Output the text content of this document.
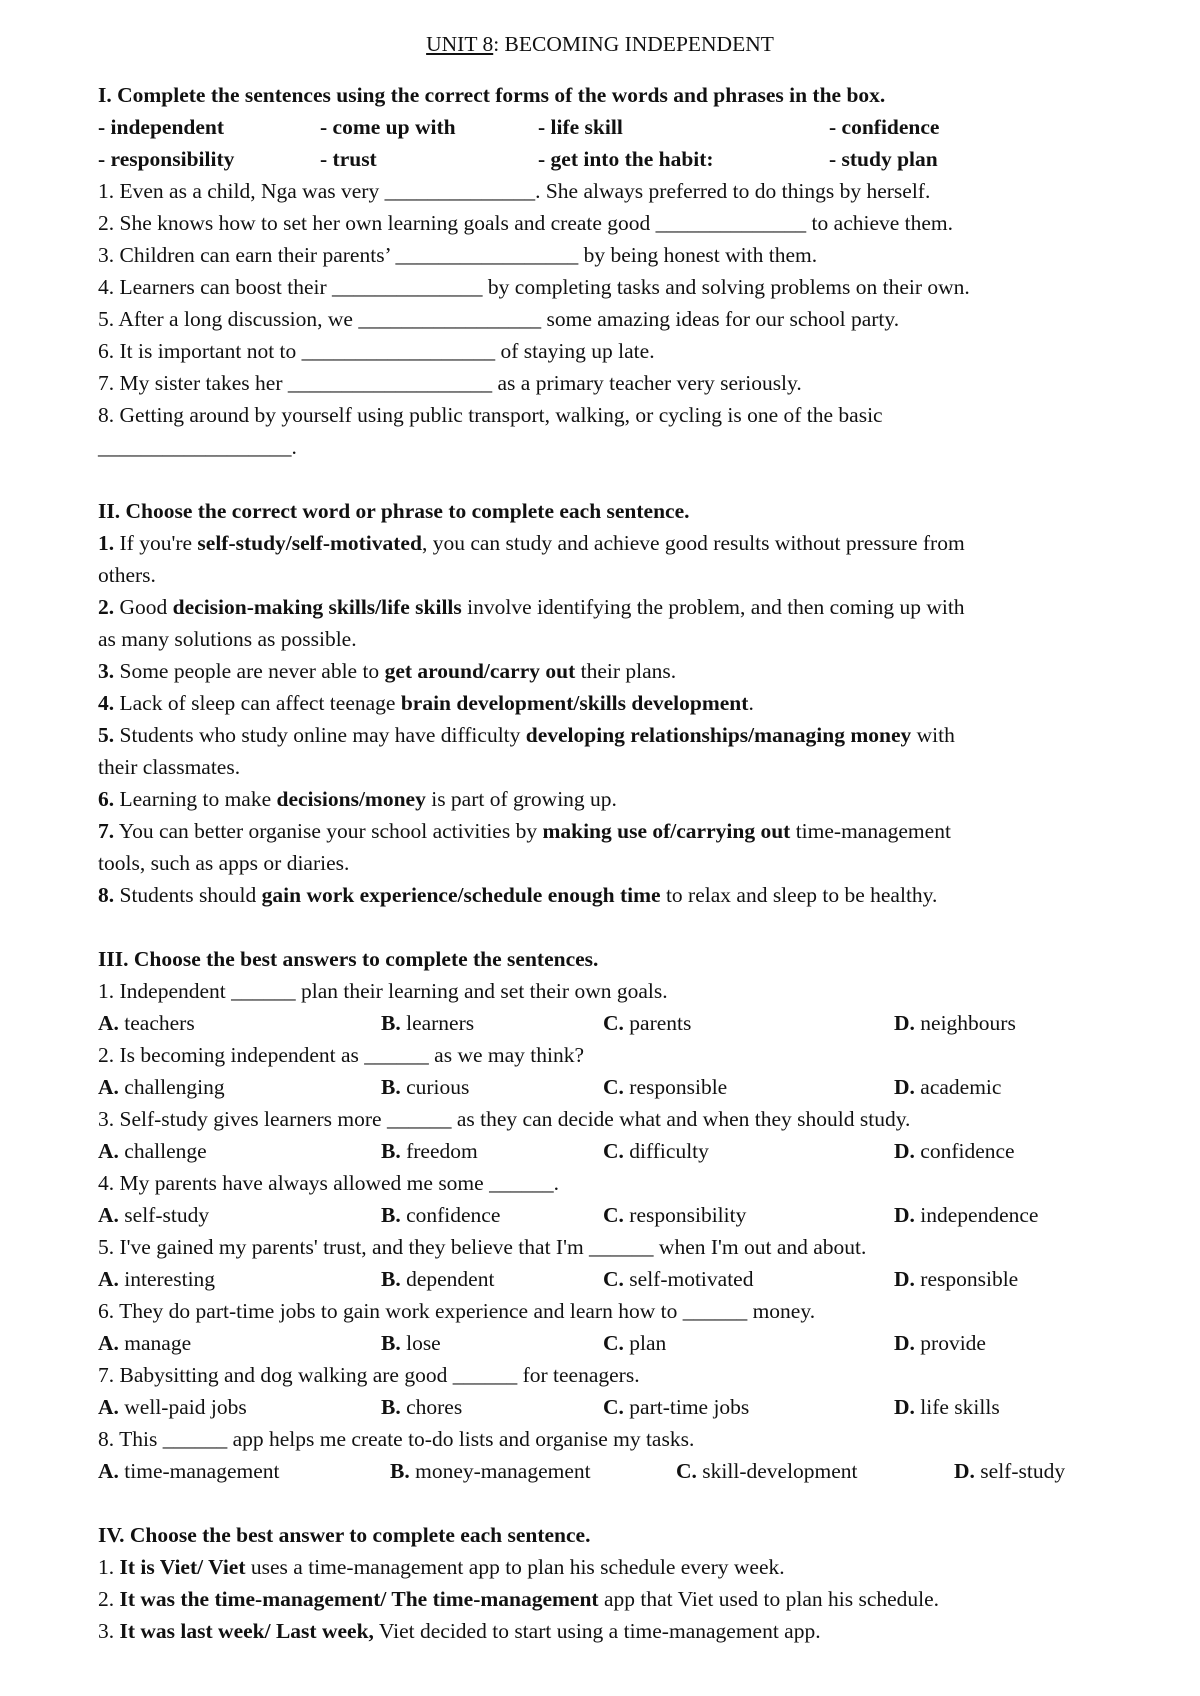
UNIT 8: BECOMING INDEPENDENT
I. Complete the sentences using the correct forms of the words and phrases in the box.
- independent	- come up with	- life skill	- confidence
- responsibility	- trust	- get into the habit:	- study plan
1. Even as a child, Nga was very ______________. She always preferred to do things by herself.
2. She knows how to set her own learning goals and create good ______________ to achieve them.
3. Children can earn their parents’ _________________ by being honest with them.
4. Learners can boost their ______________ by completing tasks and solving problems on their own.
5. After a long discussion, we _________________ some amazing ideas for our school party.
6. It is important not to __________________ of staying up late.
7. My sister takes her ___________________ as a primary teacher very seriously.
8. Getting around by yourself using public transport, walking, or cycling is one of the basic
__________________.
II. Choose the correct word or phrase to complete each sentence.
1. If you're self-study/self-motivated, you can study and achieve good results without pressure from
others.
2. Good decision-making skills/life skills involve identifying the problem, and then coming up with
as many solutions as possible.
3. Some people are never able to get around/carry out their plans.
4. Lack of sleep can affect teenage brain development/skills development.
5. Students who study online may have difficulty developing relationships/managing money with
their classmates.
6. Learning to make decisions/money is part of growing up.
7. You can better organise your school activities by making use of/carrying out time-management
tools, such as apps or diaries.
8. Students should gain work experience/schedule enough time to relax and sleep to be healthy.
III. Choose the best answers to complete the sentences.
1. Independent ______ plan their learning and set their own goals.
A. teachers	B. learners	C. parents	D. neighbours
2. Is becoming independent as ______ as we may think?
A. challenging	B. curious	C. responsible	D. academic
3. Self-study gives learners more ______ as they can decide what and when they should study.
A. challenge	B. freedom	C. difficulty	D. confidence
4. My parents have always allowed me some ______.
A. self-study	B. confidence	C. responsibility	D. independence
5. I've gained my parents' trust, and they believe that I'm ______ when I'm out and about.
A. interesting	B. dependent	C. self-motivated	D. responsible
6. They do part-time jobs to gain work experience and learn how to ______ money.
A. manage	B. lose	C. plan	D. provide
7. Babysitting and dog walking are good ______ for teenagers.
A. well-paid jobs	B. chores	C. part-time jobs	D. life skills
8. This ______ app helps me create to-do lists and organise my tasks.
A. time-management	B. money-management	C. skill-development	D. self-study
IV. Choose the best answer to complete each sentence.
1. It is Viet/ Viet uses a time-management app to plan his schedule every week.
2. It was the time-management/ The time-management app that Viet used to plan his schedule.
3. It was last week/ Last week, Viet decided to start using a time-management app.
